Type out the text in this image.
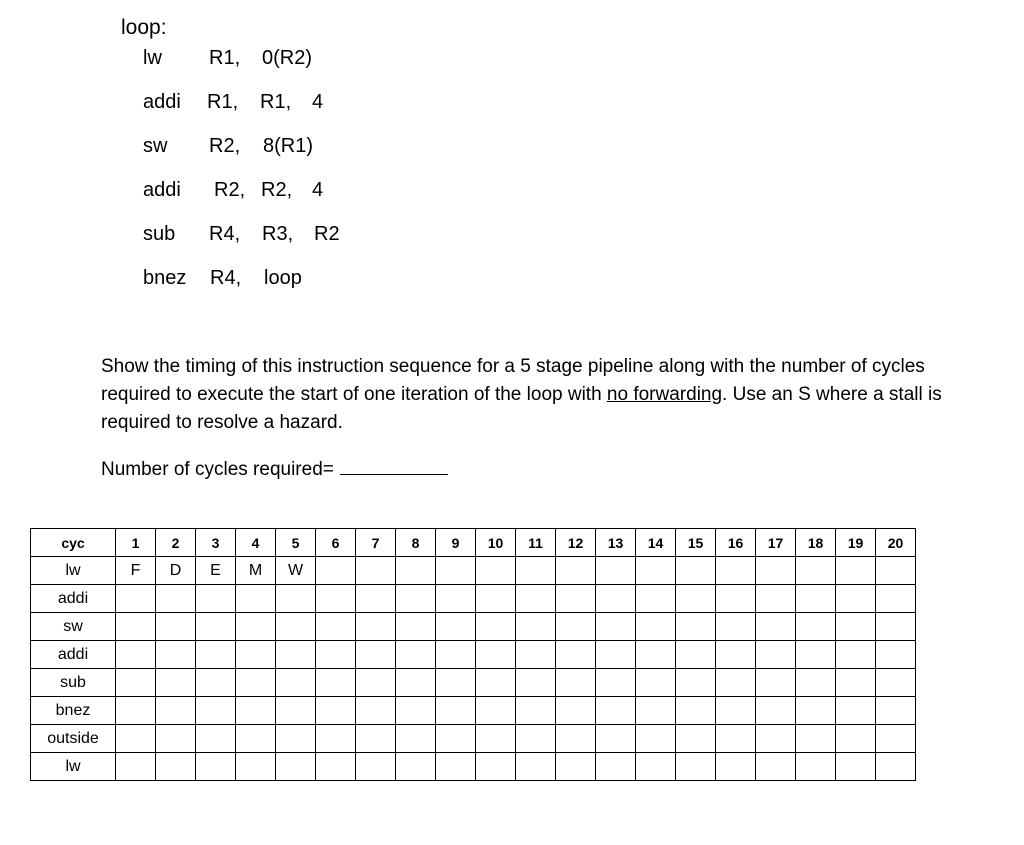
loop:
lw R1, 0(R2)
addi R1, R1, 4
sw R2, 8(R1)
addi R2, R2, 4
sub R4, R3, R2
bnez R4, loop
Show the timing of this instruction sequence for a 5 stage pipeline along with the number of cycles required to execute the start of one iteration of the loop with no forwarding. Use an S where a stall is required to resolve a hazard.
Number of cycles required=
cyc	1	2	3	4	5	6	7	8	9	10	11	12	13	14	15	16	17	18	19	20
lw	F	D	E	M	W															
addi																				
sw																				
addi																				
sub																				
bnez																				
outside																				
lw																				
